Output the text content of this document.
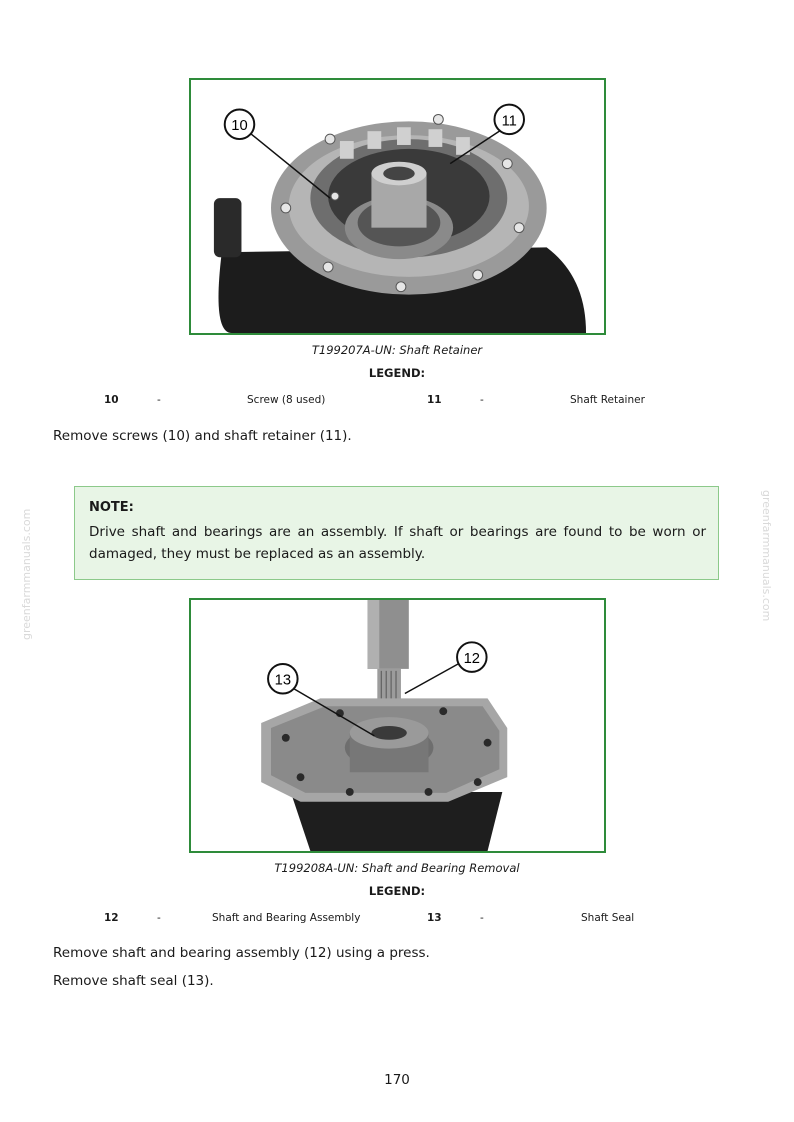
greenfarmmanuals.com	greenfarmmanuals.com
10	11
T199207A-UN: Shaft Retainer
LEGEND:
10	-	Screw (8 used)	11	-	Shaft Retainer
Remove screws (10) and shaft retainer (11).
NOTE:
Drive shaft and bearings are an assembly. If shaft or bearings are found to be worn or damaged, they must be replaced as an assembly.
13
12
T199208A-UN: Shaft and Bearing Removal
LEGEND:
12	-	Shaft and Bearing Assembly	13	-	Shaft Seal
Remove shaft and bearing assembly (12) using a press.
Remove shaft seal (13).
170
